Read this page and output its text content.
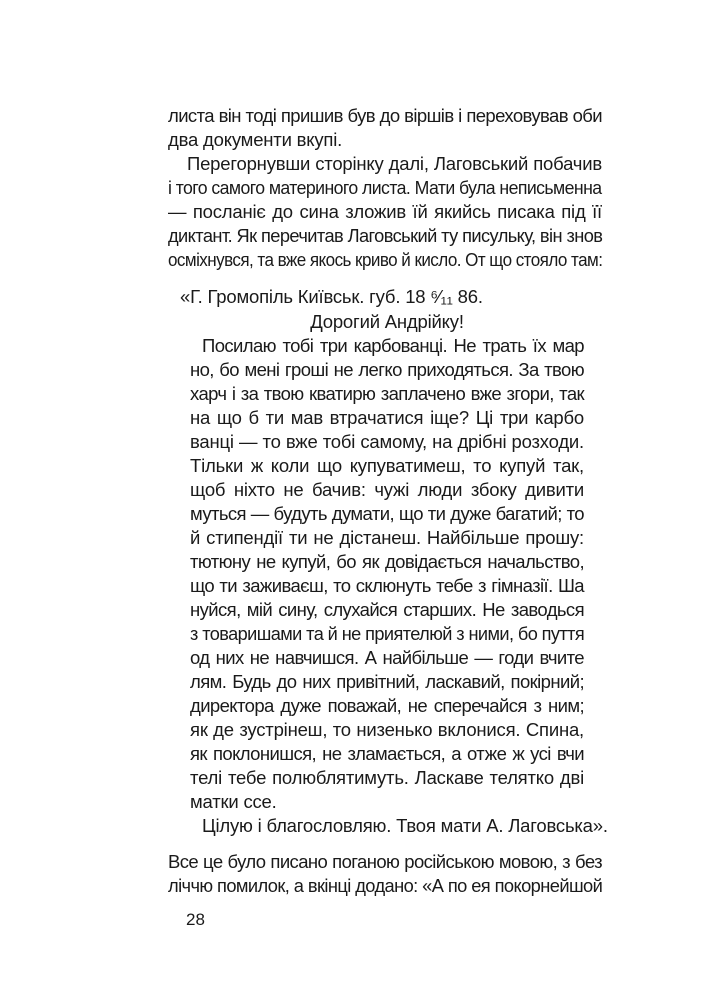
листа він тоді пришив був до віршів і переховував оби
два документи вкупі.
Перегорнувши сторінку далі, Лаговський побачив
і того самого материного листа. Мати була неписьменна
— посланіє до сина зложив їй якийсь писака під її
диктант. Як перечитав Лаговський ту писульку, він знов
осміхнувся, та вже якось криво й кисло. От що стояло там:
«Г. Громопіль Київськ. губ. 18 ⁶⁄₁₁ 86.
Дорогий Андрійку!
Посилаю тобі три карбованці. Не трать їх мар
но, бо мені гроші не легко приходяться. За твою
харч і за твою кватирю заплачено вже згори, так
на що б ти мав втрачатися іще? Ці три карбо
ванці — то вже тобі самому, на дрібні розходи.
Тільки ж коли що купуватимеш, то купуй так,
щоб ніхто не бачив: чужі люди збоку дивити
муться — будуть думати, що ти дуже багатий; то
й стипендії ти не дістанеш. Найбільше прошу:
тютюну не купуй, бо як довідається начальство,
що ти заживаєш, то склюнуть тебе з гімназії. Ша
нуйся, мій сину, слухайся старших. Не заводься
з товаришами та й не приятелюй з ними, бо пуття
од них не навчишся. А найбільше — годи вчите
лям. Будь до них привітний, ласкавий, покірний;
директора дуже поважай, не сперечайся з ним;
як де зустрінеш, то низенько вклонися. Спина,
як поклонишся, не зламається, а отже ж усі вчи
телі тебе полюблятимуть. Ласкаве телятко дві
матки ссе.
Цілую і благословляю. Твоя мати А. Лаговська».
Все це було писано поганою російською мовою, з без
ліччю помилок, а вкінці додано: «А по ея покорнейшой
28
